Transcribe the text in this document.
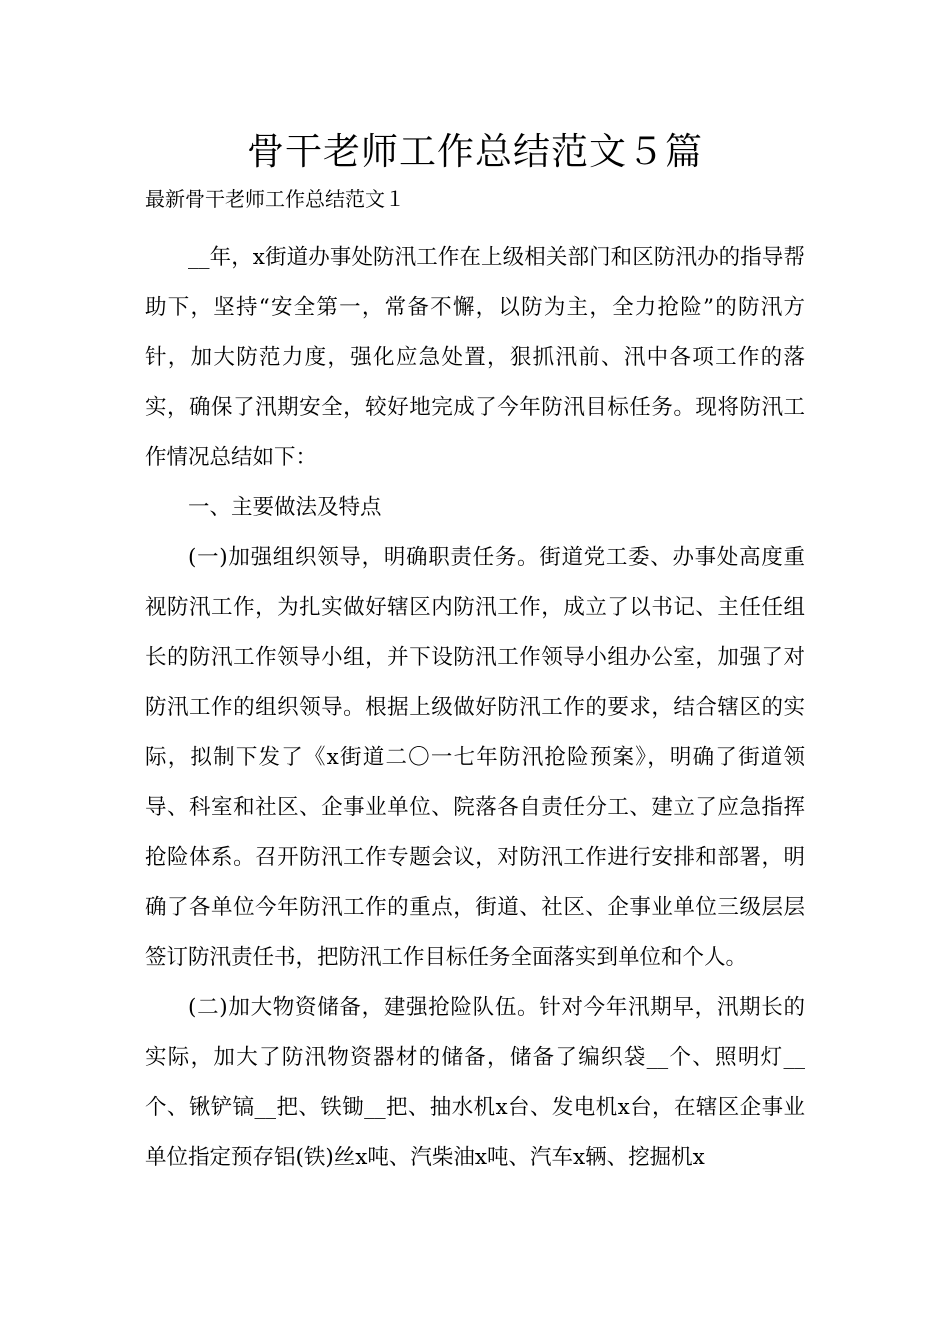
骨干老师工作总结范文５篇
最新骨干老师工作总结范文１

__年，x街道办事处防汛工作在上级相关部门和区防汛办的指导帮助下，坚持“安全第一，常备不懈，以防为主，全力抢险”的防汛方针，加大防范力度，强化应急处置，狠抓汛前、汛中各项工作的落实，确保了汛期安全，较好地完成了今年防汛目标任务。现将防汛工作情况总结如下：

一、主要做法及特点

(一)加强组织领导，明确职责任务。街道党工委、办事处高度重视防汛工作，为扎实做好辖区内防汛工作，成立了以书记、主任任组长的防汛工作领导小组，并下设防汛工作领导小组办公室，加强了对防汛工作的组织领导。根据上级做好防汛工作的要求，结合辖区的实际，拟制下发了《x街道二〇一七年防汛抢险预案》，明确了街道领导、科室和社区、企事业单位、院落各自责任分工、建立了应急指挥抢险体系。召开防汛工作专题会议，对防汛工作进行安排和部署，明确了各单位今年防汛工作的重点，街道、社区、企事业单位三级层层签订防汛责任书，把防汛工作目标任务全面落实到单位和个人。

(二)加大物资储备，建强抢险队伍。针对今年汛期早，汛期长的实际，加大了防汛物资器材的储备，储备了编织袋__个、照明灯__个、锹铲镐__把、铁锄__把、抽水机x台、发电机x台，在辖区企事业单位指定预存铝(铁)丝x吨、汽柴油x吨、汽车x辆、挖掘机x
